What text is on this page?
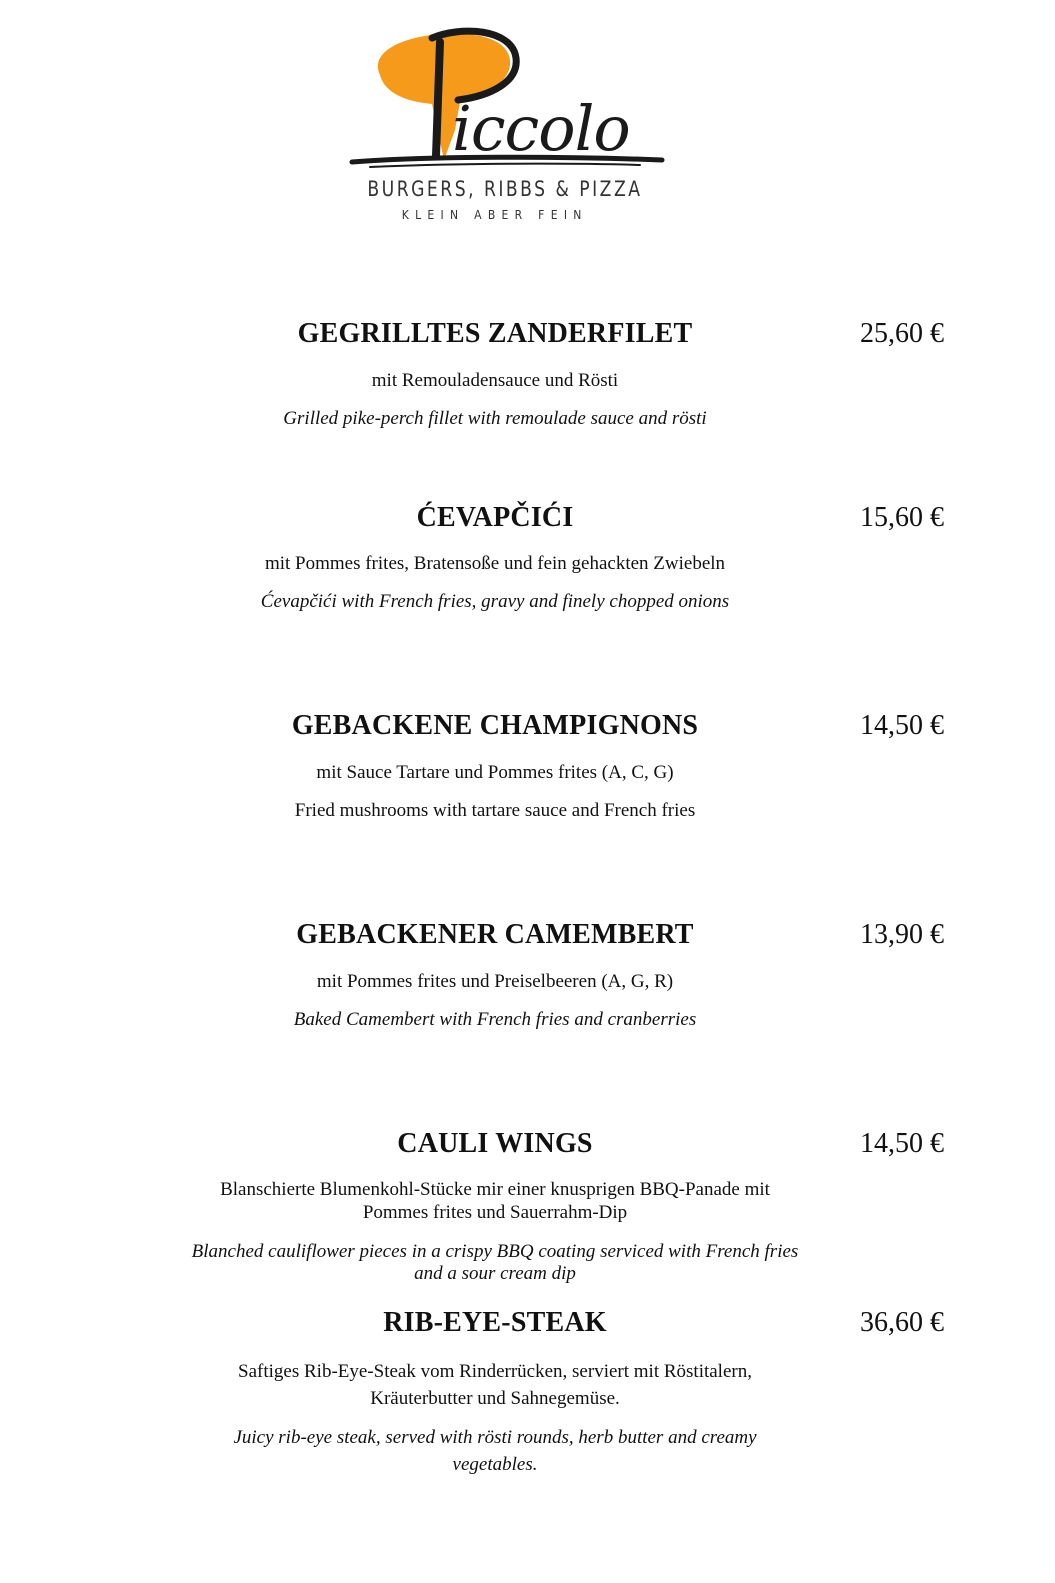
iccolo
BURGERS, RIBBS & PIZZA
KLEIN ABER FEIN
GEGRILLTES ZANDERFILET	25,60 €
mit Remouladensauce und Rösti
Grilled pike-perch fillet with remoulade sauce and rösti
ĆEVAPČIĆI	15,60 €
mit Pommes frites, Bratensoße und fein gehackten Zwiebeln
Ćevapčići with French fries, gravy and finely chopped onions
GEBACKENE CHAMPIGNONS	14,50 €
mit Sauce Tartare und Pommes frites (A, C, G)
Fried mushrooms with tartare sauce and French fries
GEBACKENER CAMEMBERT	13,90 €
mit Pommes frites und Preiselbeeren (A, G, R)
Baked Camembert with French fries and cranberries
CAULI WINGS	14,50 €
Blanschierte Blumenkohl-Stücke mir einer knusprigen BBQ-Panade mit Pommes frites und Sauerrahm-Dip
Blanched cauliflower pieces in a crispy BBQ coating serviced with French fries and a sour cream dip
RIB-EYE-STEAK	36,60 €
Saftiges Rib-Eye-Steak vom Rinderrücken, serviert mit Röstitalern, Kräuterbutter und Sahnegemüse.
Juicy rib-eye steak, served with rösti rounds, herb butter and creamy vegetables.
